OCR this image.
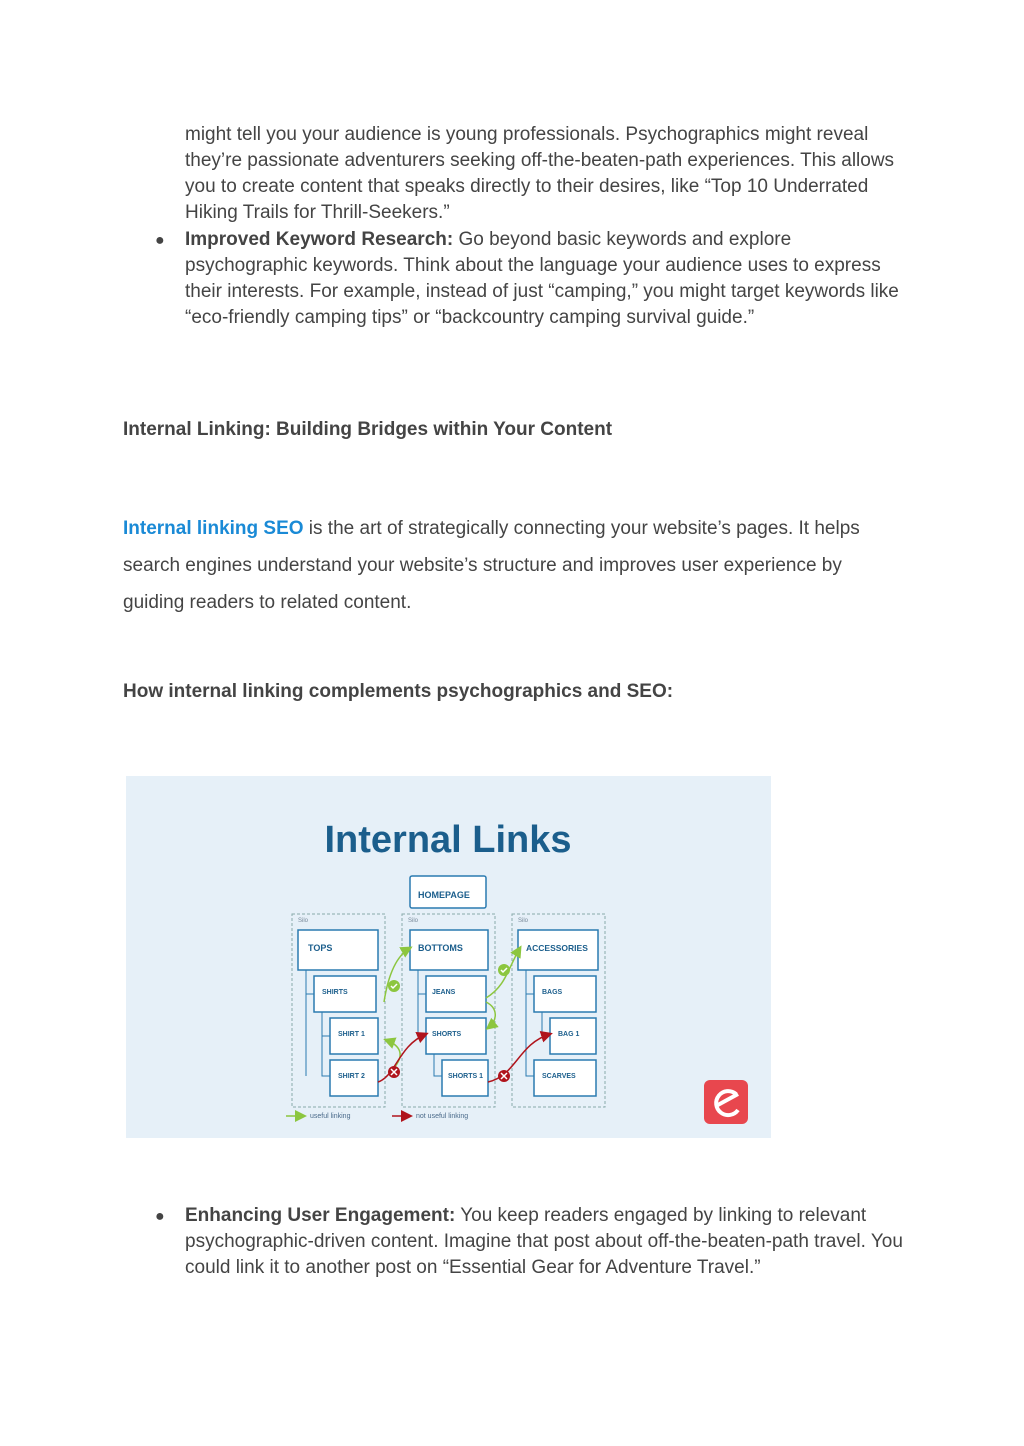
might tell you your audience is young professionals. Psychographics might reveal they’re passionate adventurers seeking off-the-beaten-path experiences. This allows you to create content that speaks directly to their desires, like “Top 10 Underrated Hiking Trails for Thrill-Seekers.”

● Improved Keyword Research: Go beyond basic keywords and explore psychographic keywords. Think about the language your audience uses to express their interests. For example, instead of just “camping,” you might target keywords like “eco-friendly camping tips” or “backcountry camping survival guide.”

Internal Linking: Building Bridges within Your Content

Internal linking SEO is the art of strategically connecting your website’s pages. It helps search engines understand your website’s structure and improves user experience by guiding readers to related content.

How internal linking complements psychographics and SEO:
Internal Links
HOMEPAGE
Silo
TOPS
SHIRTS
SHIRT 1
SHIRT 2
Silo
BOTTOMS
JEANS
SHORTS
SHORTS 1
Silo
ACCESSORIES
BAGS
BAG 1
SCARVES
useful linking	not useful linking
● Enhancing User Engagement: You keep readers engaged by linking to relevant psychographic-driven content. Imagine that post about off-the-beaten-path travel. You could link it to another post on “Essential Gear for Adventure Travel.”
